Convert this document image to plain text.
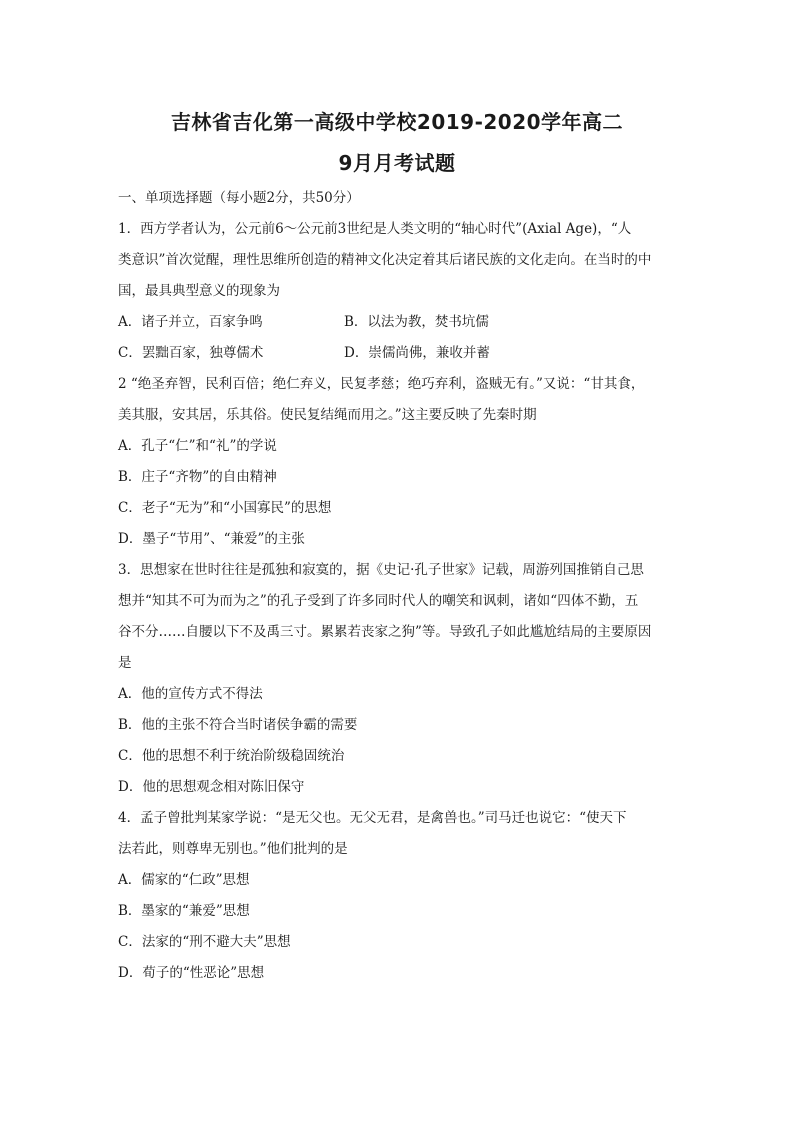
吉林省吉化第一高级中学校2019-2020学年高二
9月月考试题
一、单项选择题（每小题2分，共50分）
1．西方学者认为，公元前6～公元前3世纪是人类文明的“轴心时代”(Axial Age)，“人
类意识”首次觉醒，理性思维所创造的精神文化决定着其后诸民族的文化走向。在当时的中
国，最具典型意义的现象为
A．诸子并立，百家争鸣	B．以法为教，焚书坑儒
C．罢黜百家，独尊儒术	D．崇儒尚佛，兼收并蓄
2 “绝圣弃智，民利百倍；绝仁弃义，民复孝慈；绝巧弃利，盗贼无有。”又说：“甘其食，
美其服，安其居，乐其俗。使民复结绳而用之。”这主要反映了先秦时期
A．孔子“仁”和“礼”的学说
B．庄子“齐物”的自由精神
C．老子“无为”和“小国寡民”的思想
D．墨子“节用”、“兼爱”的主张
3．思想家在世时往往是孤独和寂寞的，据《史记·孔子世家》记载，周游列国推销自己思
想并“知其不可为而为之”的孔子受到了许多同时代人的嘲笑和讽刺，诸如“四体不勤，五
谷不分……自腰以下不及禹三寸。累累若丧家之狗”等。导致孔子如此尴尬结局的主要原因
是
A．他的宣传方式不得法
B．他的主张不符合当时诸侯争霸的需要
C．他的思想不利于统治阶级稳固统治
D．他的思想观念相对陈旧保守
4．孟子曾批判某家学说：“是无父也。无父无君，是禽兽也。”司马迁也说它：“使天下
法若此，则尊卑无别也。”他们批判的是
A．儒家的“仁政”思想
B．墨家的“兼爱”思想
C．法家的“刑不避大夫”思想
D．荀子的“性恶论”思想
